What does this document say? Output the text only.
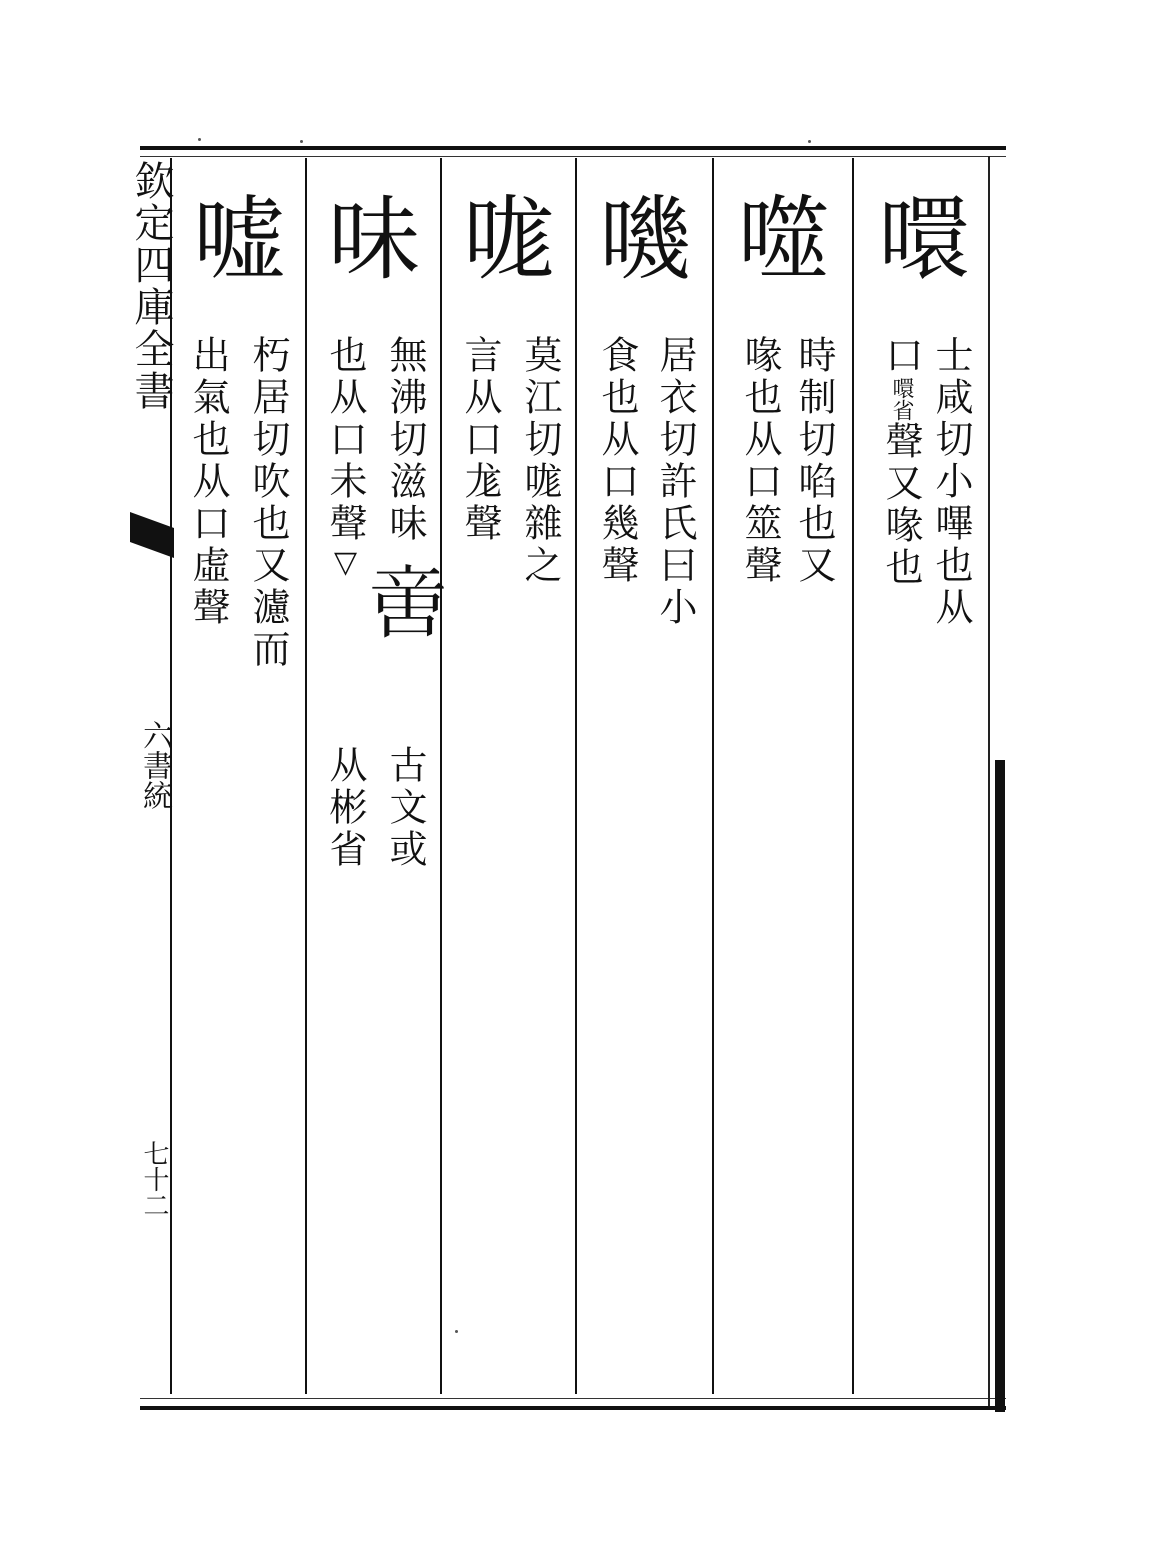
欽定四庫全書
六書統
七十二
噮
士咸切小嗶也从
口噮省聲又喙也
噬
時制切啗也又
喙也从口筮聲
嘰
居衣切許氏曰小
食也从口幾聲
哤
莫江切哤雜之
言从口尨聲
味
無沸切滋味
也从口未聲▽ 𠶷
古文或
从彬省
嘘
朽居切吹也又濾而
出氣也从口虛聲
